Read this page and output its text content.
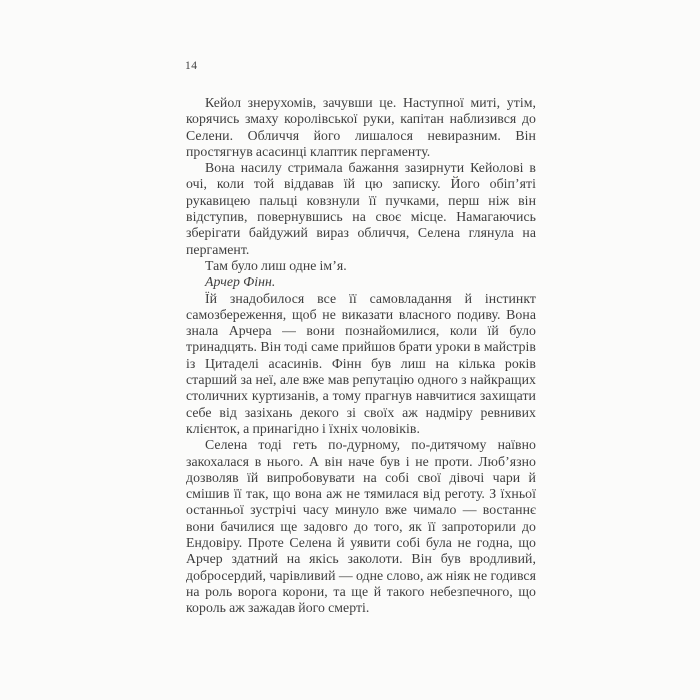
14

Кейол знерухомів, зачувши це. Наступної миті, утім, корячись змаху королівської руки, капітан наблизився до Селени. Обличчя його лишалося невиразним. Він простягнув асасинці клаптик пергаменту.

Вона насилу стримала бажання зазирнути Кейолові в очі, коли той віддавав їй цю записку. Його обіп’яті рукавицею пальці ковзнули її пучками, перш ніж він відступив, повернувшись на своє місце. Намагаючись зберігати байдужий вираз обличчя, Селена глянула на пергамент.

Там було лиш одне ім’я.

Арчер Фінн.

Їй знадобилося все її самовладання й інстинкт самозбереження, щоб не виказати власного подиву. Вона знала Арчера — вони познайомилися, коли їй було тринадцять. Він тоді саме прийшов брати уроки в майстрів із Цитаделі асасинів. Фінн був лиш на кілька років старший за неї, але вже мав репутацію одного з найкращих столичних куртизанів, а тому прагнув навчитися захищати себе від зазіхань декого зі своїх аж надміру ревнивих клієнток, а принагідно і їхніх чоловіків.

Селена тоді геть по-дурному, по-дитячому наївно закохалася в нього. А він наче був і не проти. Люб’язно дозволяв їй випробовувати на собі свої дівочі чари й смішив її так, що вона аж не тямилася від реготу. З їхньої останньої зустрічі часу минуло вже чимало — востаннє вони бачилися ще задовго до того, як її запроторили до Ендовіру. Проте Селена й уявити собі була не годна, що Арчер здатний на якісь заколоти. Він був вродливий, добросердий, чарівливий — одне слово, аж ніяк не годився на роль ворога корони, та ще й такого небезпечного, що король аж зажадав його смерті.
